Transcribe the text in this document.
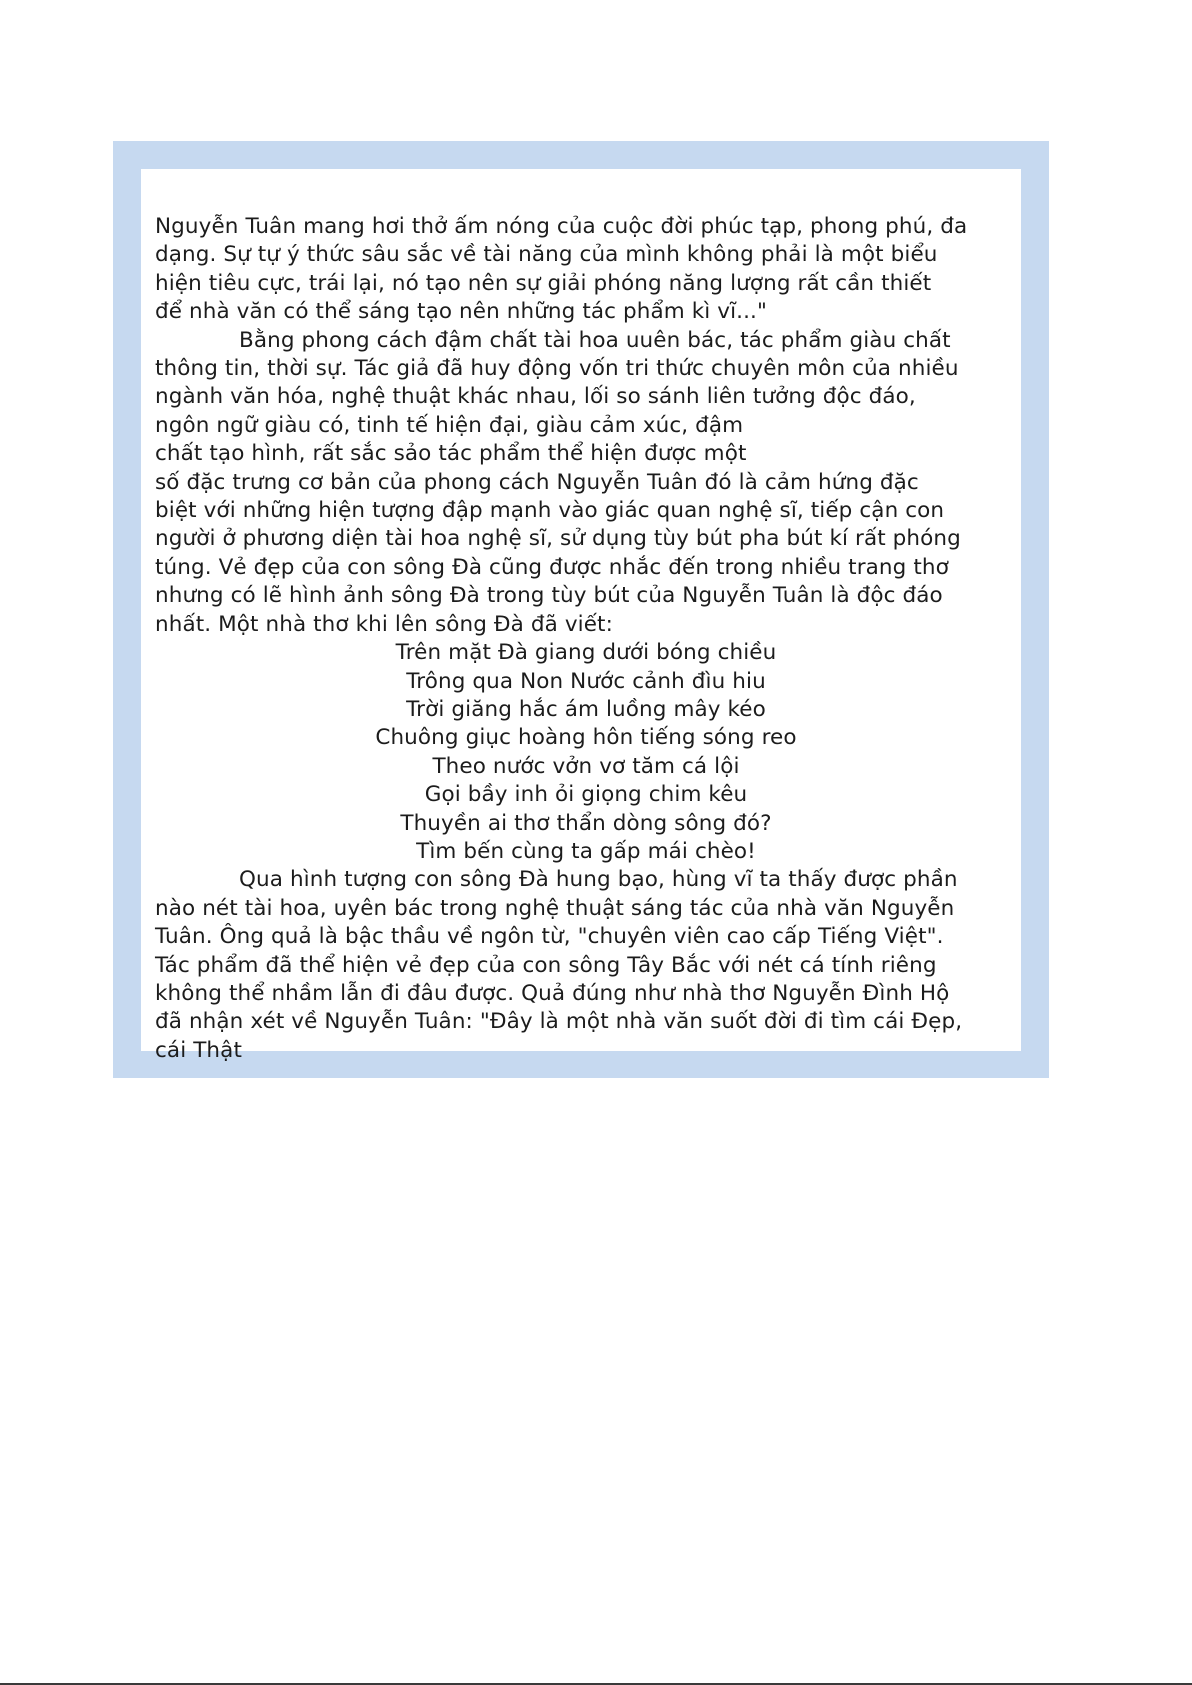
Nguyễn Tuân mang hơi thở ấm nóng của cuộc đời phúc tạp, phong phú, đa
dạng. Sự tự ý thức sâu sắc về tài năng của mình không phải là một biểu
hiện tiêu cực, trái lại, nó tạo nên sự giải phóng năng lượng rất cần thiết
để nhà văn có thể sáng tạo nên những tác phẩm kì vĩ..."
Bằng phong cách đậm chất tài hoa uuên bác, tác phẩm giàu chất
thông tin, thời sự. Tác giả đã huy động vốn tri thức chuyên môn của nhiều
ngành văn hóa, nghệ thuật khác nhau, lối so sánh liên tưởng độc đáo,
ngôn ngữ giàu có, tinh tế hiện đại, giàu cảm xúc, đậm
chất tạo hình, rất sắc sảo tác phẩm thể hiện được một
số đặc trưng cơ bản của phong cách Nguyễn Tuân đó là cảm hứng đặc
biệt với những hiện tượng đập mạnh vào giác quan nghệ sĩ, tiếp cận con
người ở phương diện tài hoa nghệ sĩ, sử dụng tùy bút pha bút kí rất phóng
túng. Vẻ đẹp của con sông Đà cũng được nhắc đến trong nhiều trang thơ
nhưng có lẽ hình ảnh sông Đà trong tùy bút của Nguyễn Tuân là độc đáo
nhất. Một nhà thơ khi lên sông Đà đã viết:
Trên mặt Đà giang dưới bóng chiều
Trông qua Non Nước cảnh đìu hiu
Trời giăng hắc ám luồng mây kéo
Chuông giục hoàng hôn tiếng sóng reo
Theo nước vởn vơ tăm cá lội
Gọi bầy inh ỏi giọng chim kêu
Thuyền ai thơ thẩn dòng sông đó?
Tìm bến cùng ta gấp mái chèo!
Qua hình tượng con sông Đà hung bạo, hùng vĩ ta thấy được phần
nào nét tài hoa, uyên bác trong nghệ thuật sáng tác của nhà văn Nguyễn
Tuân. Ông quả là bậc thầu về ngôn từ, "chuyên viên cao cấp Tiếng Việt".
Tác phẩm đã thể hiện vẻ đẹp của con sông Tây Bắc với nét cá tính riêng
không thể nhầm lẫn đi đâu được. Quả đúng như nhà thơ Nguyễn Đình Hộ
đã nhận xét về Nguyễn Tuân: "Đây là một nhà văn suốt đời đi tìm cái Đẹp,
cái Thật
